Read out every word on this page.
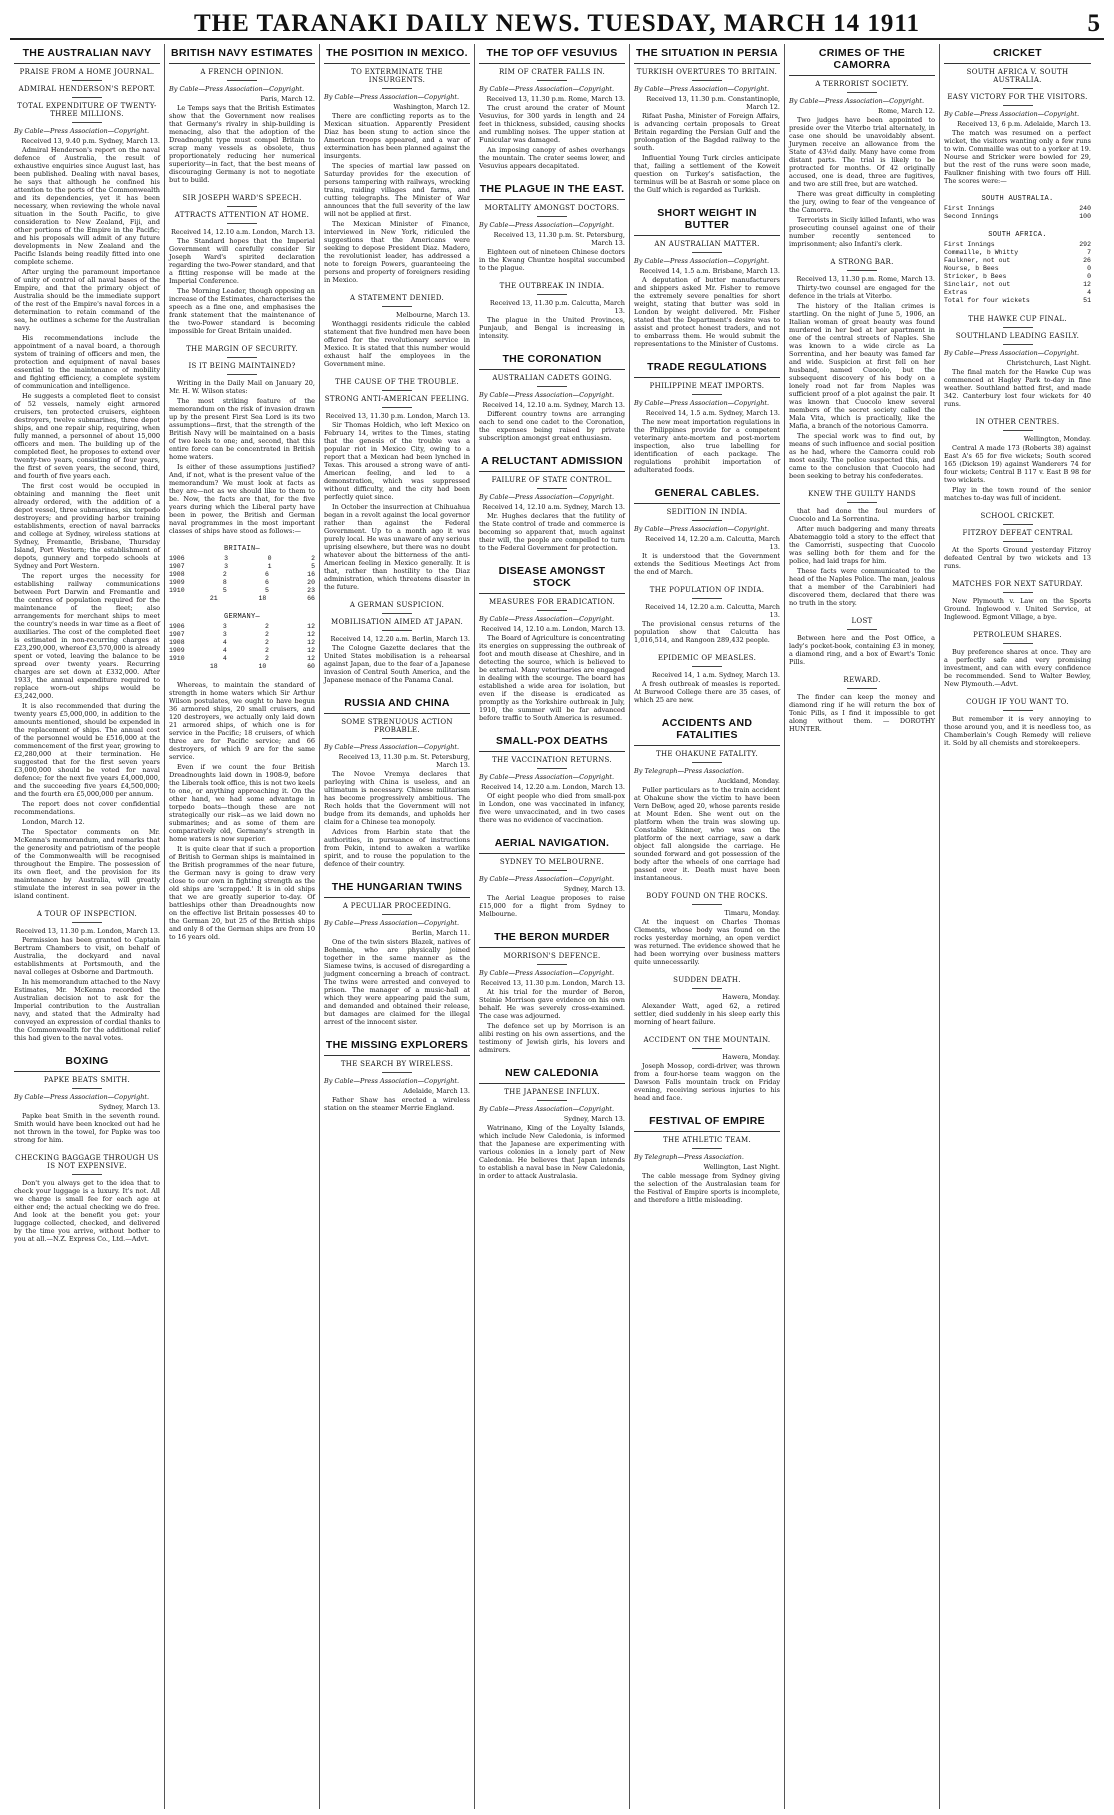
THE TARANAKI DAILY NEWS. TUESDAY, MARCH 14 1911	5
THE AUSTRALIAN NAVY
PRAISE FROM A HOME JOURNAL.
ADMIRAL HENDERSON'S REPORT.
TOTAL EXPENDITURE OF TWENTY-THREE MILLIONS.
By Cable—Press Association—Copyright.
Received 13, 9.40 p.m. Sydney, March 13.

Admiral Henderson's report on the naval defence of Australia, the result of exhaustive enquiries since August last, has been published. Dealing with naval bases, he says that although he confined his attention to the ports of the Commonwealth and its dependencies, yet it has been necessary, when reviewing the whole naval situation in the South Pacific, to give consideration to New Zealand, Fiji, and other portions of the Empire in the Pacific; and his proposals will admit of any future developments in New Zealand and the Pacific Islands being readily fitted into one complete scheme.

After urging the paramount importance of unity of control of all naval bases of the Empire, and that the primary object of Australia should be the immediate support of the rest of the Empire's naval forces in a determination to retain command of the sea, he outlines a scheme for the Australian navy.

His recommendations include the appointment of a naval board, a thorough system of training of officers and men, the protection and equipment of naval bases essential to the maintenance of mobility and fighting efficiency, a complete system of communication and intelligence.

He suggests a completed fleet to consist of 52 vessels, namely eight armored cruisers, ten protected cruisers, eighteen destroyers, twelve submarines, three depot ships, and one repair ship, requiring, when fully manned, a personnel of about 15,000 officers and men. The building up of the completed fleet, he proposes to extend over twenty-two years, consisting of four years, the first of seven years, the second, third, and fourth of five years each.

The first cost would be occupied in obtaining and manning the fleet unit already ordered, with the addition of a depot vessel, three submarines, six torpedo destroyers; and providing harbor training establishments, erection of naval barracks and college at Sydney, wireless stations at Sydney, Fremantle, Brisbane, Thursday Island, Port Western; the establishment of depots, gunnery and torpedo schools at Sydney and Port Western.

The report urges the necessity for establishing railway communications between Port Darwin and Fremantle and the centres of population required for the maintenance of the fleet; also arrangements for merchant ships to meet the country's needs in war time as a fleet of auxiliaries. The cost of the completed fleet is estimated in non-recurring charges at £23,290,000, whereof £3,570,000 is already spent or voted, leaving the balance to be spread over twenty years. Recurring charges are set down at £332,000. After 1933, the annual expenditure required to replace worn-out ships would be £3,242,000.

It is also recommended that during the twenty years £5,000,000, in addition to the amounts mentioned, should be expended in the replacement of ships. The annual cost of the personnel would be £516,000 at the commencement of the first year, growing to £2,280,000 at their termination. He suggested that for the first seven years £3,000,000 should be voted for naval defence; for the next five years £4,000,000, and the succeeding five years £4,500,000; and the fourth era £5,000,000 per annum.

The report does not cover confidential recommendations.

London, March 12.

The Spectator comments on Mr. McKenna's memorandum, and remarks that the generosity and patriotism of the people of the Commonwealth will be recognised throughout the Empire. The possession of its own fleet, and the provision for its maintenance by Australia, will greatly stimulate the interest in sea power in the island continent.

A TOUR OF INSPECTION.
Received 13, 11.30 p.m. London, March 13.

Permission has been granted to Captain Bertram Chambers to visit, on behalf of Australia, the dockyard and naval establishments at Portsmouth, and the naval colleges at Osborne and Dartmouth.

In his memorandum attached to the Navy Estimates, Mr. McKenna recorded the Australian decision not to ask for the Imperial contribution to the Australian navy, and stated that the Admiralty had conveyed an expression of cordial thanks to the Commonwealth for the additional relief this had given to the naval votes.

BOXING
PAPKE BEATS SMITH.
By Cable—Press Association—Copyright.
Sydney, March 13.

Papke beat Smith in the seventh round. Smith would have been knocked out had he not thrown in the towel, for Papke was too strong for him.

CHECKING BAGGAGE THROUGH US IS NOT EXPENSIVE.

Don't you always get to the idea that to check your luggage is a luxury. It's not. All we charge is small fee for each age at either end; the actual checking we do free. And look at the benefit you get: your luggage collected, checked, and delivered by the time you arrive, without bother to you at all.—N.Z. Express Co., Ltd.—Advt.

BRITISH NAVY ESTIMATES
A FRENCH OPINION.
By Cable—Press Association—Copyright.
Paris, March 12.

Le Temps says that the British Estimates show that the Government now realises that Germany's rivalry in ship-building is menacing, also that the adoption of the Dreadnought type must compel Britain to scrap many vessels as obsolete, thus proportionately reducing her numerical superiority—in fact, that the best means of discouraging Germany is not to negotiate but to build.

SIR JOSEPH WARD'S SPEECH.
ATTRACTS ATTENTION AT HOME.
Received 14, 12.10 a.m. London, March 13.

The Standard hopes that the Imperial Government will carefully consider Sir Joseph Ward's spirited declaration regarding the two-Power standard, and that a fitting response will be made at the Imperial Conference.

The Morning Leader, though opposing an increase of the Estimates, characterises the speech as a fine one, and emphasises the frank statement that the maintenance of the two-Power standard is becoming impossible for Great Britain unaided.

THE MARGIN OF SECURITY.
IS IT BEING MAINTAINED?

Writing in the Daily Mail on January 20, Mr. H. W. Wilson states:

The most striking feature of the memorandum on the risk of invasion drawn up by the present First Sea Lord is its two assumptions—first, that the strength of the British Navy will be maintained on a basis of two keels to one; and, second, that this entire force can be concentrated in British home waters.

Is either of these assumptions justified? And, if not, what is the present value of the memorandum? We must look at facts as they are—not as we should like to them to be. Now, the facts are that, for the five years during which the Liberal party have been in power, the British and German naval programmes in the most important classes of ships have stood as follows:—

BRITAIN—
1906	3	0	2
1907	3	1	5
1908	2	6	16
1909	8	6	20
1910	5	5	23
21	18	66
GERMANY—
1906	3	2	12
1907	3	2	12
1908	4	2	12
1909	4	2	12
1910	4	2	12
18	10	60

Whereas, to maintain the standard of strength in home waters which Sir Arthur Wilson postulates, we ought to have begun 36 armored ships, 20 small cruisers, and 120 destroyers, we actually only laid down 21 armored ships, of which one is for service in the Pacific; 18 cruisers, of which three are for Pacific service; and 66 destroyers, of which 9 are for the same service.

Even if we count the four British Dreadnoughts laid down in 1908-9, before the Liberals took office, this is not two keels to one, or anything approaching it. On the other hand, we had some advantage in torpedo boats—though these are not strategically our risk—as we laid down no submarines; and as some of them are comparatively old, Germany's strength in home waters is now superior.

It is quite clear that if such a proportion of British to German ships is maintained in the British programmes of the near future, the German navy is going to draw very close to our own in fighting strength as the old ships are 'scrapped.' It is in old ships that we are greatly superior to-day. Of battleships other than Dreadnoughts now on the effective list Britain possesses 40 to the German 20, but 25 of the British ships and only 8 of the German ships are from 10 to 16 years old.

THE POSITION IN MEXICO.
TO EXTERMINATE THE INSURGENTS.
By Cable—Press Association—Copyright.
Washington, March 12.

There are conflicting reports as to the Mexican situation. Apparently President Diaz has been stung to action since the American troops appeared, and a war of extermination has been planned against the insurgents.

The species of martial law passed on Saturday provides for the execution of persons tampering with railways, wrecking trains, raiding villages and farms, and cutting telegraphs. The Minister of War announces that the full severity of the law will not be applied at first.

The Mexican Minister of Finance, interviewed in New York, ridiculed the suggestions that the Americans were seeking to depose President Diaz. Madero, the revolutionist leader, has addressed a note to foreign Powers, guaranteeing the persons and property of foreigners residing in Mexico.

A STATEMENT DENIED.
Melbourne, March 13.

Wonthaggi residents ridicule the cabled statement that five hundred men have been offered for the revolutionary service in Mexico. It is stated that this number would exhaust half the employees in the Government mine.

THE CAUSE OF THE TROUBLE.
STRONG ANTI-AMERICAN FEELING.
Received 13, 11.30 p.m. London, March 13.

Sir Thomas Holdich, who left Mexico on February 14, writes to the Times, stating that the genesis of the trouble was a popular riot in Mexico City, owing to a report that a Mexican had been lynched in Texas. This aroused a strong wave of anti-American feeling, and led to a demonstration, which was suppressed without difficulty, and the city had been perfectly quiet since.

In October the insurrection at Chihuahua began in a revolt against the local governor rather than against the Federal Government. Up to a month ago it was purely local. He was unaware of any serious uprising elsewhere, but there was no doubt whatever about the bitterness of the anti-American feeling in Mexico generally. It is that, rather than hostility to the Diaz administration, which threatens disaster in the future.

A GERMAN SUSPICION.
MOBILISATION AIMED AT JAPAN.
Received 14, 12.20 a.m. Berlin, March 13.

The Cologne Gazette declares that the United States mobilisation is a rehearsal against Japan, due to the fear of a Japanese invasion of Central South America, and the Japanese menace of the Panama Canal.

RUSSIA AND CHINA
SOME STRENUOUS ACTION PROBABLE.
By Cable—Press Association—Copyright.
Received 13, 11.30 p.m. St. Petersburg, March 13.

The Novoe Vremya declares that parleying with China is useless, and an ultimatum is necessary. Chinese militarism has become progressively ambitious. The Rech holds that the Government will not budge from its demands, and upholds her claim for a Chinese tea monopoly.

Advices from Harbin state that the authorities, in pursuance of instructions from Pekin, intend to awaken a warlike spirit, and to rouse the population to the defence of their country.

THE HUNGARIAN TWINS
A PECULIAR PROCEEDING.
By Cable—Press Association—Copyright.
Berlin, March 11.

One of the twin sisters Blazek, natives of Bohemia, who are physically joined together in the same manner as the Siamese twins, is accused of disregarding a judgment concerning a breach of contract. The twins were arrested and conveyed to prison. The manager of a music-hall at which they were appearing paid the sum, and demanded and obtained their release, but damages are claimed for the illegal arrest of the innocent sister.

THE MISSING EXPLORERS
THE SEARCH BY WIRELESS.
By Cable—Press Association—Copyright.
Adelaide, March 13.

Father Shaw has erected a wireless station on the steamer Merrie England.

THE TOP OFF VESUVIUS
RIM OF CRATER FALLS IN.
By Cable—Press Association—Copyright.
Received 13, 11.30 p.m. Rome, March 13.

The crust around the crater of Mount Vesuvius, for 300 yards in length and 24 feet in thickness, subsided, causing shocks and rumbling noises. The upper station at Funicular was damaged.

An imposing canopy of ashes overhangs the mountain. The crater seems lower, and Vesuvius appears decapitated.

THE PLAGUE IN THE EAST.
MORTALITY AMONGST DOCTORS.
By Cable—Press Association—Copyright.
Received 13, 11.30 p.m. St. Petersburg, March 13.

Eighteen out of nineteen Chinese doctors in the Kwang Chuntze hospital succumbed to the plague.

THE OUTBREAK IN INDIA.
Received 13, 11.30 p.m. Calcutta, March 13.

The plague in the United Provinces, Punjaub, and Bengal is increasing in intensity.

THE CORONATION
AUSTRALIAN CADETS GOING.
By Cable—Press Association—Copyright.
Received 14, 12.10 a.m. Sydney, March 13.

Different country towns are arranging each to send one cadet to the Coronation, the expenses being raised by private subscription amongst great enthusiasm.

A RELUCTANT ADMISSION
FAILURE OF STATE CONTROL.
By Cable—Press Association—Copyright.
Received 14, 12.10 a.m. Sydney, March 13.

Mr. Hughes declares that the futility of the State control of trade and commerce is becoming so apparent that, much against their will, the people are compelled to turn to the Federal Government for protection.

DISEASE AMONGST STOCK
MEASURES FOR ERADICATION.
By Cable—Press Association—Copyright.
Received 14, 12.10 a.m. London, March 13.

The Board of Agriculture is concentrating its energies on suppressing the outbreak of foot and mouth disease at Cheshire, and in detecting the source, which is believed to be external. Many veterinaries are engaged in dealing with the scourge. The board has established a wide area for isolation, but even if the disease is eradicated as promptly as the Yorkshire outbreak in July, 1910, the summer will be far advanced before traffic to South America is resumed.

SMALL-POX DEATHS
THE VACCINATION RETURNS.
By Cable—Press Association—Copyright.
Received 14, 12.20 a.m. London, March 13.

Of eight people who died from small-pox in London, one was vaccinated in infancy, five were unvaccinated, and in two cases there was no evidence of vaccination.

AERIAL NAVIGATION.
SYDNEY TO MELBOURNE.
By Cable—Press Association—Copyright.
Sydney, March 13.

The Aerial League proposes to raise £15,000 for a flight from Sydney to Melbourne.

THE BERON MURDER
MORRISON'S DEFENCE.
By Cable—Press Association—Copyright.
Received 13, 11.30 p.m. London, March 13.

At his trial for the murder of Beron, Steinie Morrison gave evidence on his own behalf. He was severely cross-examined. The case was adjourned.

The defence set up by Morrison is an alibi resting on his own assertions, and the testimony of Jewish girls, his lovers and admirers.

NEW CALEDONIA
THE JAPANESE INFLUX.
By Cable—Press Association—Copyright.
Sydney, March 13.

Watrinano, King of the Loyalty Islands, which include New Caledonia, is informed that the Japanese are experimenting with various colonies in a lonely part of New Caledonia. He believes that Japan intends to establish a naval base in New Caledonia, in order to attack Australasia.

THE SITUATION IN PERSIA
TURKISH OVERTURES TO BRITAIN.
By Cable—Press Association—Copyright.
Received 13, 11.30 p.m. Constantinople, March 12.

Rifaat Pasha, Minister of Foreign Affairs, is advancing certain proposals to Great Britain regarding the Persian Gulf and the prolongation of the Bagdad railway to the south.

Influential Young Turk circles anticipate that, failing a settlement of the Koweit question on Turkey's satisfaction, the terminus will be at Basrah or some place on the Gulf which is regarded as Turkish.

SHORT WEIGHT IN BUTTER
AN AUSTRALIAN MATTER.
By Cable—Press Association—Copyright.
Received 14, 1.5 a.m. Brisbane, March 13.

A deputation of butter manufacturers and shippers asked Mr. Fisher to remove the extremely severe penalties for short weight, stating that butter was sold in London by weight delivered. Mr. Fisher stated that the Department's desire was to assist and protect honest traders, and not to embarrass them. He would submit the representations to the Minister of Customs.

TRADE REGULATIONS
PHILIPPINE MEAT IMPORTS.
By Cable—Press Association—Copyright.
Received 14, 1.5 a.m. Sydney, March 13.

The new meat importation regulations in the Philippines provide for a competent veterinary ante-mortem and post-mortem inspection, also true labelling for identification of each package. The regulations prohibit importation of adulterated foods.

GENERAL CABLES.
SEDITION IN INDIA.
By Cable—Press Association—Copyright.
Received 14, 12.20 a.m. Calcutta, March 13.

It is understood that the Government extends the Seditious Meetings Act from the end of March.

THE POPULATION OF INDIA.
Received 14, 12.20 a.m. Calcutta, March 13.

The provisional census returns of the population show that Calcutta has 1,016,514, and Rangoon 289,432 people.

EPIDEMIC OF MEASLES.
Received 14, 1 a.m. Sydney, March 13.

A fresh outbreak of measles is reported. At Burwood College there are 35 cases, of which 25 are new.

ACCIDENTS AND FATALITIES
THE OHAKUNE FATALITY.
By Telegraph—Press Association.
Auckland, Monday.

Fuller particulars as to the train accident at Ohakune show the victim to have been Vern DeBow, aged 20, whose parents reside at Mount Eden. She went out on the platform when the train was slowing up. Constable Skinner, who was on the platform of the next carriage, saw a dark object fall alongside the carriage. He sounded forward and got possession of the body after the wheels of one carriage had passed over it. Death must have been instantaneous.

BODY FOUND ON THE ROCKS.
Timaru, Monday.

At the inquest on Charles Thomas Clements, whose body was found on the rocks yesterday morning, an open verdict was returned. The evidence showed that he had been worrying over business matters quite unnecessarily.

SUDDEN DEATH.
Hawera, Monday.

Alexander Watt, aged 62, a retired settler, died suddenly in his sleep early this morning of heart failure.

ACCIDENT ON THE MOUNTAIN.
Hawera, Monday.

Joseph Mossop, cordi-driver, was thrown from a four-horse team waggon on the Dawson Falls mountain track on Friday evening, receiving serious injuries to his head and face.

FESTIVAL OF EMPIRE
THE ATHLETIC TEAM.
By Telegraph—Press Association.
Wellington, Last Night.

The cable message from Sydney giving the selection of the Australasian team for the Festival of Empire sports is incomplete, and therefore a little misleading.

CRIMES OF THE CAMORRA
A TERRORIST SOCIETY.
By Cable—Press Association—Copyright.
Rome, March 12.

Two judges have been appointed to preside over the Viterbo trial alternately, in case one should be unavoidably absent. Jurymen receive an allowance from the State of 43½d daily. Many have come from distant parts. The trial is likely to be protracted for months. Of 42 originally accused, one is dead, three are fugitives, and two are still free, but are watched.

There was great difficulty in completing the jury, owing to fear of the vengeance of the Camorra.

Terrorists in Sicily killed Infanti, who was prosecuting counsel against one of their number recently sentenced to imprisonment; also Infanti's clerk.

A STRONG BAR.
Received 13, 11.30 p.m. Rome, March 13.

Thirty-two counsel are engaged for the defence in the trials at Viterbo.

The history of the Italian crimes is startling. On the night of June 5, 1906, an Italian woman of great beauty was found murdered in her bed at her apartment in one of the central streets of Naples. She was known to a wide circle as La Sorrentina, and her beauty was famed far and wide. Suspicion at first fell on her husband, named Cuocolo, but the subsequent discovery of his body on a lonely road not far from Naples was sufficient proof of a plot against the pair. It was known that Cuocolo knew several members of the secret society called the Mala Vita, which is practically, like the Mafia, a branch of the notorious Camorra.

The special work was to find out, by means of such influence and social position as he had, where the Camorra could rob most easily. The police suspected this, and came to the conclusion that Cuocolo had been seeking to betray his confederates.

KNEW THE GUILTY HANDS

that had done the foul murders of Cuocolo and La Sorrentina.

After much badgering and many threats Abatemaggio told a story to the effect that the Camorristi, suspecting that Cuocolo was selling both for them and for the police, had laid traps for him.

These facts were communicated to the head of the Naples Police. The man, jealous that a member of the Carabinieri had discovered them, declared that there was no truth in the story.

LOST

Between here and the Post Office, a lady's pocket-book, containing £3 in money, a diamond ring, and a box of Ewart's Tonic Pills.

REWARD.

The finder can keep the money and diamond ring if he will return the box of Tonic Pills, as I find it impossible to get along without them. — DOROTHY HUNTER.

CRICKET
SOUTH AFRICA V. SOUTH AUSTRALIA.
EASY VICTORY FOR THE VISITORS.
By Cable—Press Association—Copyright.
Received 13, 6 p.m. Adelaide, March 13.

The match was resumed on a perfect wicket, the visitors wanting only a few runs to win. Commaille was out to a yorker at 19. Nourse and Stricker were bowled for 29, but the rest of the runs were soon made, Faulkner finishing with two fours off Hill. The scores were:—

SOUTH AUSTRALIA.
First Innings	240
Second Innings	100
SOUTH AFRICA.
First Innings	292
Commaille, b Whitty	7
Faulkner, not out	26
Nourse, b Bees	0
Stricker, b Bees	0
Sinclair, not out	12
Extras	4
Total for four wickets	51
THE HAWKE CUP FINAL.
SOUTHLAND LEADING EASILY.
By Cable—Press Association—Copyright.
Christchurch, Last Night.

The final match for the Hawke Cup was commenced at Hagley Park to-day in fine weather. Southland batted first, and made 342. Canterbury lost four wickets for 40 runs.

IN OTHER CENTRES.
Wellington, Monday.

Central A made 173 (Roberts 38) against East A's 65 for five wickets; South scored 165 (Dickson 19) against Wanderers 74 for four wickets; Central B 117 v. East B 98 for two wickets.

Play in the town round of the senior matches to-day was full of incident.

SCHOOL CRICKET.
FITZROY DEFEAT CENTRAL

At the Sports Ground yesterday Fitzroy defeated Central by two wickets and 13 runs.

MATCHES FOR NEXT SATURDAY.

New Plymouth v. Law on the Sports Ground. Inglewood v. United Service, at Inglewood. Egmont Village, a bye.

PETROLEUM SHARES.

Buy preference shares at once. They are a perfectly safe and very promising investment, and can with every confidence be recommended. Send to Walter Bewley, New Plymouth.—Advt.

COUGH IF YOU WANT TO.

But remember it is very annoying to those around you, and it is needless too, as Chamberlain's Cough Remedy will relieve it. Sold by all chemists and storekeepers.
